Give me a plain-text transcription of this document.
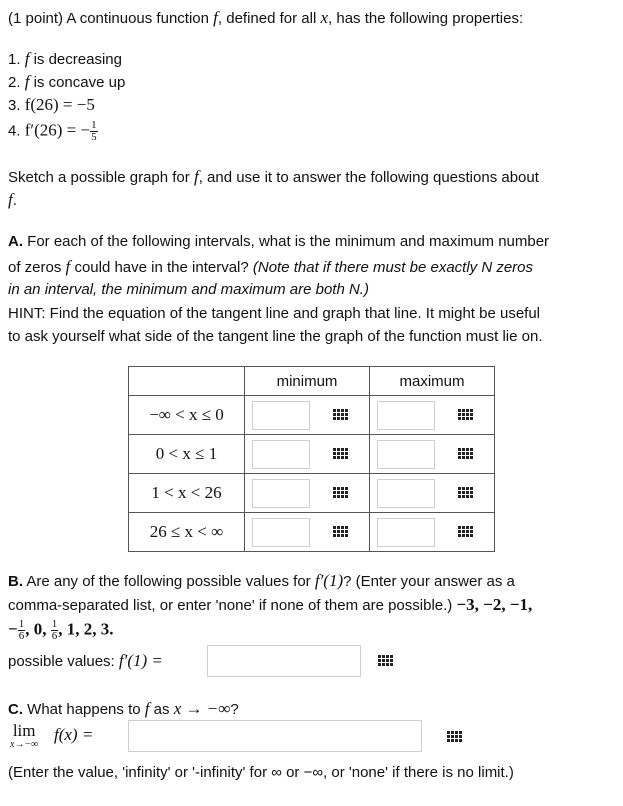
(1 point) A continuous function f, defined for all x, has the following properties:
1. f is decreasing
2. f is concave up
3. f(26) = −5
4. f′(26) = − $\frac{1}{5}$
Sketch a possible graph for f, and use it to answer the following questions about
f.
A. For each of the following intervals, what is the minimum and maximum number
of zeros f could have in the interval? (Note that if there must be exactly N zeros
in an interval, the minimum and maximum are both N.)
HINT: Find the equation of the tangent line and graph that line. It might be useful
to ask yourself what side of the tangent line the graph of the function must lie on.
	minimum	maximum
−∞ < x ≤ 0	

0 < x ≤ 1	

1 < x < 26	

26 ≤ x < ∞	

B. Are any of the following possible values for f′(1)? (Enter your answer as a
comma-separated list, or enter 'none' if none of them are possible.) −3, −2, −1,
− $\frac{1}{6}$ , 0, $\frac{1}{6}$ , 1, 2, 3.
possible values: f′(1) =
C. What happens to f as x → −∞?
lim
x→−∞
f(x) =
(Enter the value, 'infinity' or '-infinity' for ∞ or −∞, or 'none' if there is no limit.)
